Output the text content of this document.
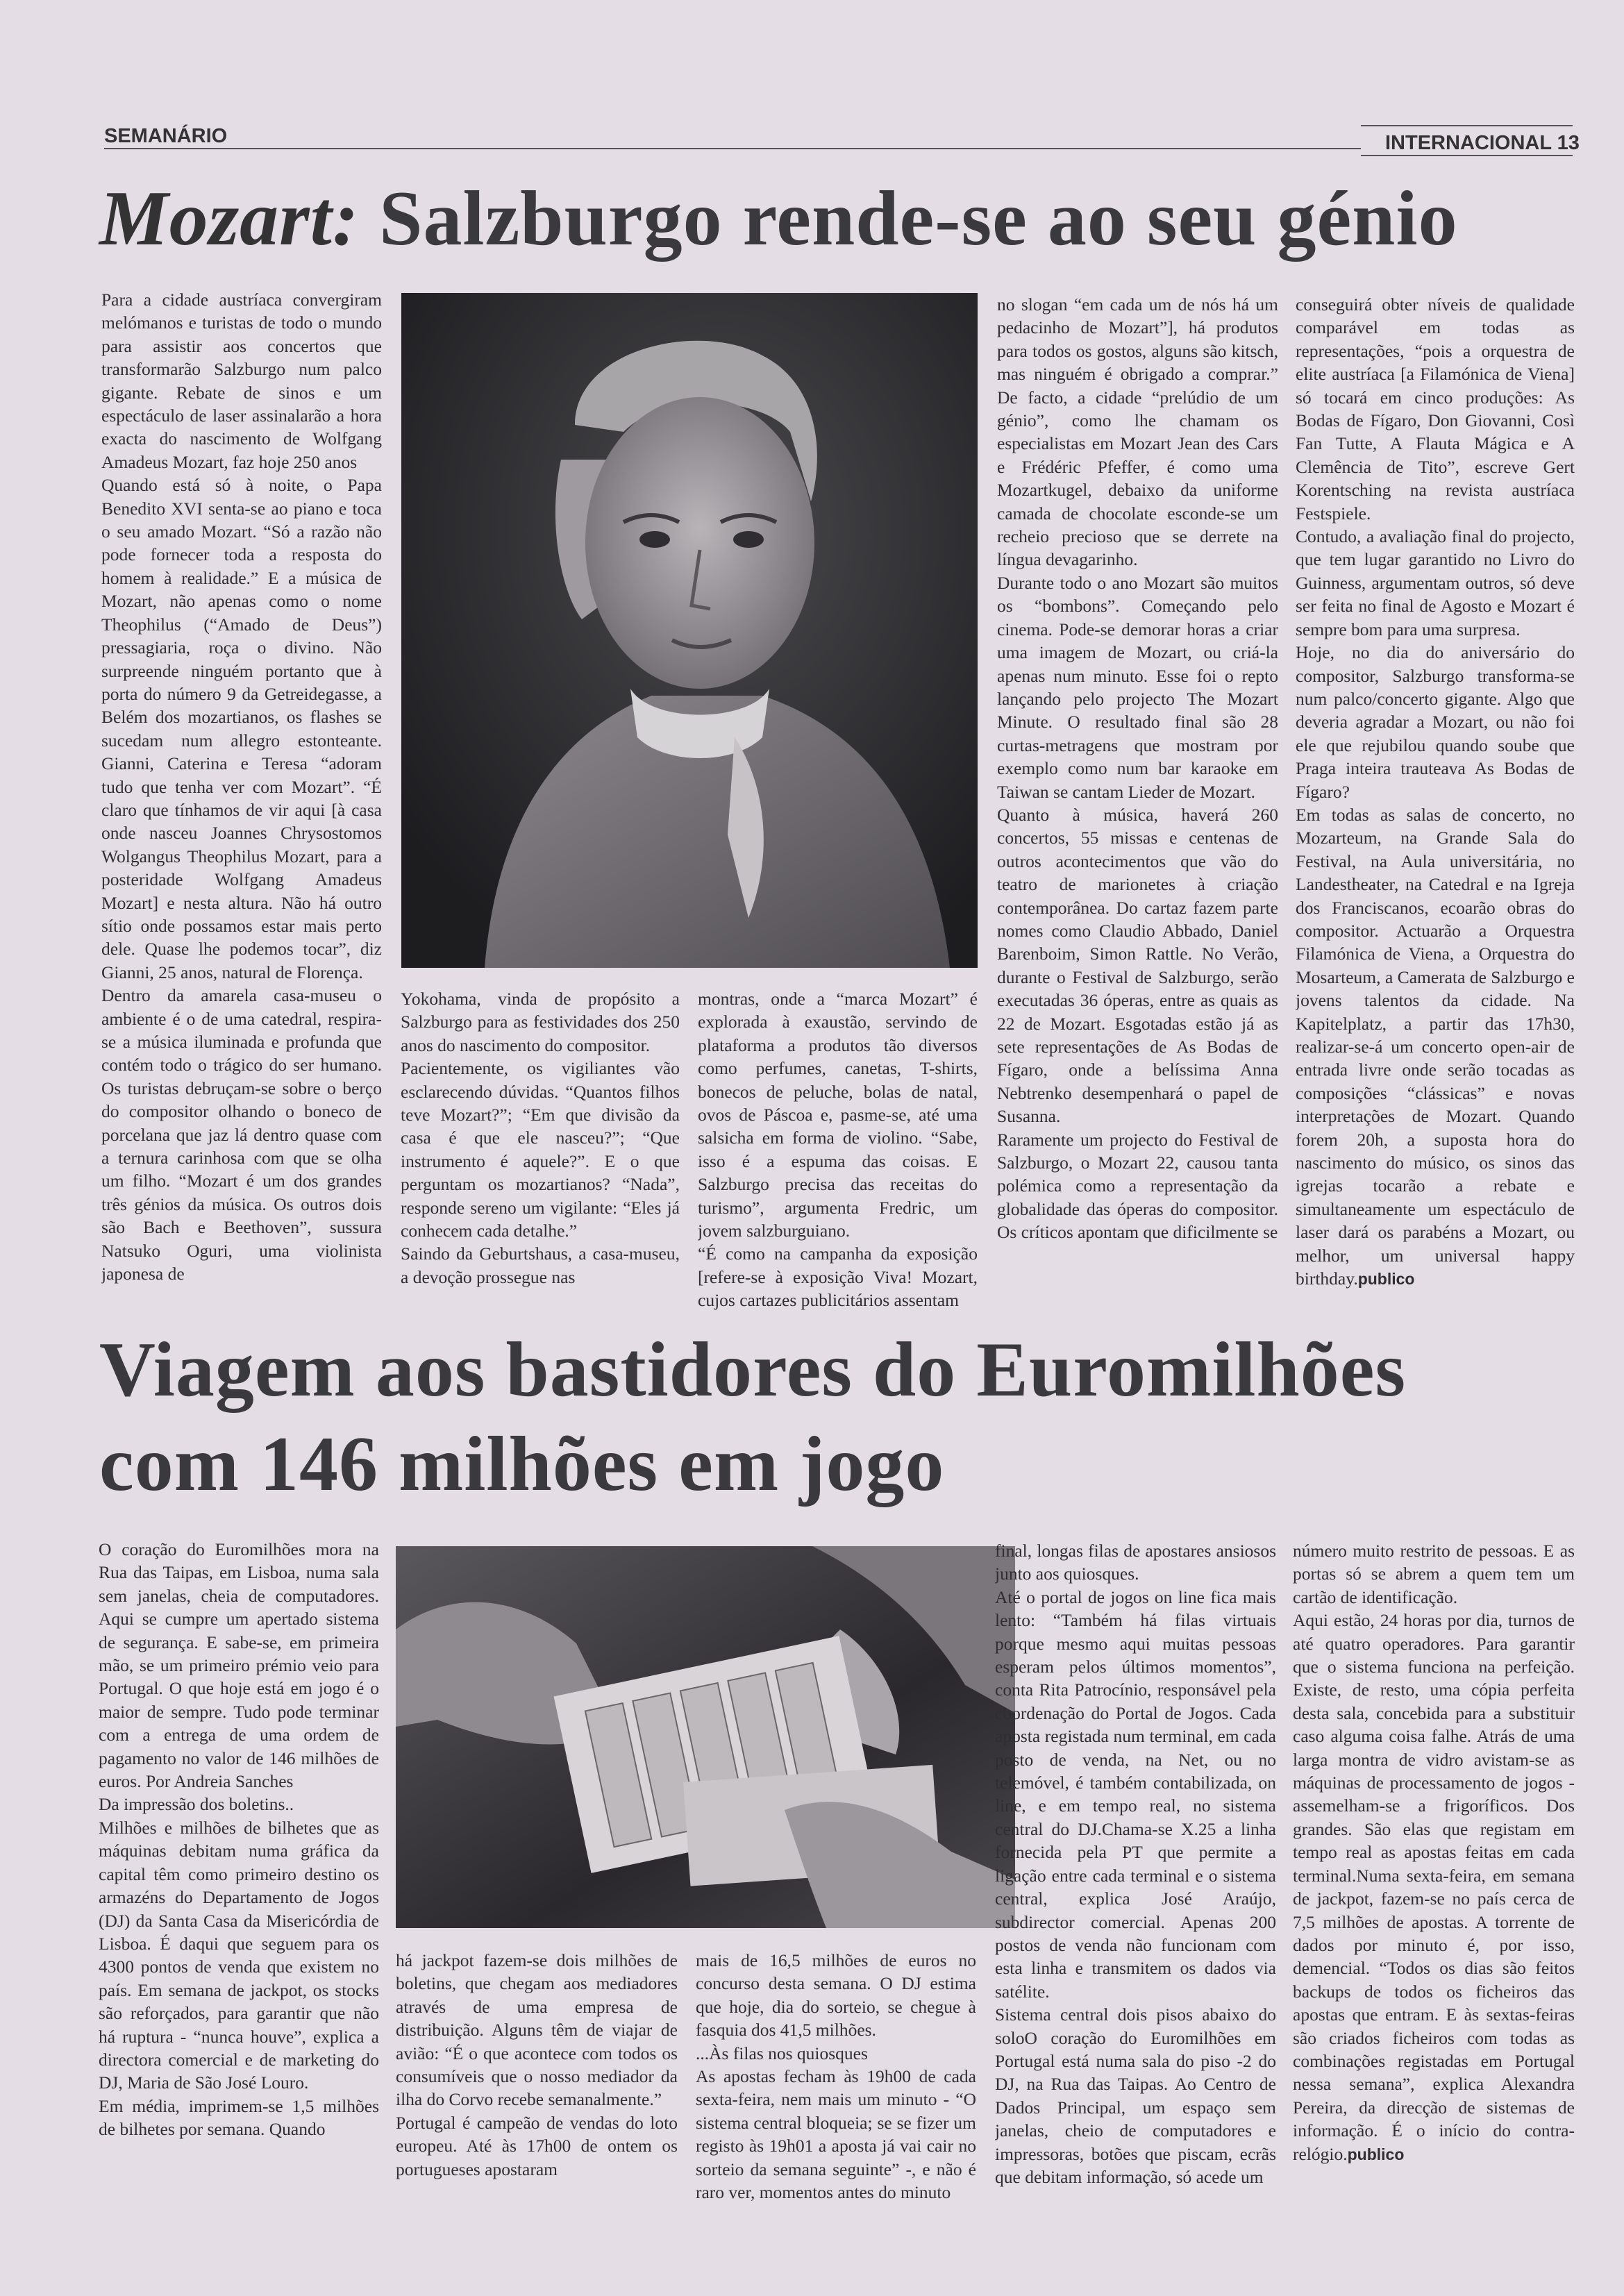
SEMANÁRIO	INTERNACIONAL 13
Mozart: Salzburgo rende-se ao seu génio

Para a cidade austríaca convergiram melómanos e turistas de todo o mundo para assistir aos concertos que transformarão Salzburgo num palco gigante. Rebate de sinos e um espectáculo de laser assinalarão a hora exacta do nascimento de Wolfgang Amadeus Mozart, faz hoje 250 anos

Quando está só à noite, o Papa Benedito XVI senta-se ao piano e toca o seu amado Mozart. “Só a razão não pode fornecer toda a resposta do homem à realidade.” E a música de Mozart, não apenas como o nome Theophilus (“Amado de Deus”) pressagiaria, roça o divino. Não surpreende ninguém portanto que à porta do número 9 da Getreidegasse, a Belém dos mozartianos, os flashes se sucedam num allegro estonteante. Gianni, Caterina e Teresa “adoram tudo que tenha ver com Mozart”. “É claro que tínhamos de vir aqui [à casa onde nasceu Joannes Chrysostomos Wolgangus Theophilus Mozart, para a posteridade Wolfgang Amadeus Mozart] e nesta altura. Não há outro sítio onde possamos estar mais perto dele. Quase lhe podemos tocar”, diz Gianni, 25 anos, natural de Florença.

Dentro da amarela casa-museu o ambiente é o de uma catedral, respira-se a música iluminada e profunda que contém todo o trágico do ser humano. Os turistas debruçam-se sobre o berço do compositor olhando o boneco de porcelana que jaz lá dentro quase com a ternura carinhosa com que se olha um filho. “Mozart é um dos grandes três génios da música. Os outros dois são Bach e Beethoven”, sussura Natsuko Oguri, uma violinista japonesa de

Yokohama, vinda de propósito a Salzburgo para as festividades dos 250 anos do nascimento do compositor.

Pacientemente, os vigiliantes vão esclarecendo dúvidas. “Quantos filhos teve Mozart?”; “Em que divisão da casa é que ele nasceu?”; “Que instrumento é aquele?”. E o que perguntam os mozartianos? “Nada”, responde sereno um vigilante: “Eles já conhecem cada detalhe.”

Saindo da Geburtshaus, a casa-museu, a devoção prossegue nas

montras, onde a “marca Mozart” é explorada à exaustão, servindo de plataforma a produtos tão diversos como perfumes, canetas, T-shirts, bonecos de peluche, bolas de natal, ovos de Páscoa e, pasme-se, até uma salsicha em forma de violino. “Sabe, isso é a espuma das coisas. E Salzburgo precisa das receitas do turismo”, argumenta Fredric, um jovem salzburguiano.

“É como na campanha da exposição [refere-se à exposição Viva! Mozart, cujos cartazes publicitários assentam

no slogan “em cada um de nós há um pedacinho de Mozart”], há produtos para todos os gostos, alguns são kitsch, mas ninguém é obrigado a comprar.” De facto, a cidade “prelúdio de um génio”, como lhe chamam os especialistas em Mozart Jean des Cars e Frédéric Pfeffer, é como uma Mozartkugel, debaixo da uniforme camada de chocolate esconde-se um recheio precioso que se derrete na língua devagarinho.

Durante todo o ano Mozart são muitos os “bombons”. Começando pelo cinema. Pode-se demorar horas a criar uma imagem de Mozart, ou criá-la apenas num minuto. Esse foi o repto lançando pelo projecto The Mozart Minute. O resultado final são 28 curtas-metragens que mostram por exemplo como num bar karaoke em Taiwan se cantam Lieder de Mozart.

Quanto à música, haverá 260 concertos, 55 missas e centenas de outros acontecimentos que vão do teatro de marionetes à criação contemporânea. Do cartaz fazem parte nomes como Claudio Abbado, Daniel Barenboim, Simon Rattle. No Verão, durante o Festival de Salzburgo, serão executadas 36 óperas, entre as quais as 22 de Mozart. Esgotadas estão já as sete representações de As Bodas de Fígaro, onde a belíssima Anna Nebtrenko desempenhará o papel de Susanna.

Raramente um projecto do Festival de Salzburgo, o Mozart 22, causou tanta polémica como a representação da globalidade das óperas do compositor. Os críticos apontam que dificilmente se

conseguirá obter níveis de qualidade comparável em todas as representações, “pois a orquestra de elite austríaca [a Filamónica de Viena] só tocará em cinco produções: As Bodas de Fígaro, Don Giovanni, Così Fan Tutte, A Flauta Mágica e A Clemência de Tito”, escreve Gert Korentsching na revista austríaca Festspiele.

Contudo, a avaliação final do projecto, que tem lugar garantido no Livro do Guinness, argumentam outros, só deve ser feita no final de Agosto e Mozart é sempre bom para uma surpresa.

Hoje, no dia do aniversário do compositor, Salzburgo transforma-se num palco/concerto gigante. Algo que deveria agradar a Mozart, ou não foi ele que rejubilou quando soube que Praga inteira trauteava As Bodas de Fígaro?

Em todas as salas de concerto, no Mozarteum, na Grande Sala do Festival, na Aula universitária, no Landestheater, na Catedral e na Igreja dos Franciscanos, ecoarão obras do compositor. Actuarão a Orquestra Filamónica de Viena, a Orquestra do Mosarteum, a Camerata de Salzburgo e jovens talentos da cidade. Na Kapitelplatz, a partir das 17h30, realizar-se-á um concerto open-air de entrada livre onde serão tocadas as composições “clássicas” e novas interpretações de Mozart. Quando forem 20h, a suposta hora do nascimento do músico, os sinos das igrejas tocarão a rebate e simultaneamente um espectáculo de laser dará os parabéns a Mozart, ou melhor, um universal happy birthday.publico

Viagem aos bastidores do Euromilhões
com 146 milhões em jogo

O coração do Euromilhões mora na Rua das Taipas, em Lisboa, numa sala sem janelas, cheia de computadores. Aqui se cumpre um apertado sistema de segurança. E sabe-se, em primeira mão, se um primeiro prémio veio para Portugal. O que hoje está em jogo é o maior de sempre. Tudo pode terminar com a entrega de uma ordem de pagamento no valor de 146 milhões de euros. Por Andreia Sanches

Da impressão dos boletins..

Milhões e milhões de bilhetes que as máquinas debitam numa gráfica da capital têm como primeiro destino os armazéns do Departamento de Jogos (DJ) da Santa Casa da Misericórdia de Lisboa. É daqui que seguem para os 4300 pontos de venda que existem no país. Em semana de jackpot, os stocks são reforçados, para garantir que não há ruptura - “nunca houve”, explica a directora comercial e de marketing do DJ, Maria de São José Louro.

Em média, imprimem-se 1,5 milhões de bilhetes por semana. Quando

há jackpot fazem-se dois milhões de boletins, que chegam aos mediadores através de uma empresa de distribuição. Alguns têm de viajar de avião: “É o que acontece com todos os consumíveis que o nosso mediador da ilha do Corvo recebe semanalmente.”

Portugal é campeão de vendas do loto europeu. Até às 17h00 de ontem os portugueses apostaram

mais de 16,5 milhões de euros no concurso desta semana. O DJ estima que hoje, dia do sorteio, se chegue à fasquia dos 41,5 milhões.

...Às filas nos quiosques

As apostas fecham às 19h00 de cada sexta-feira, nem mais um minuto - “O sistema central bloqueia; se se fizer um registo às 19h01 a aposta já vai cair no sorteio da semana seguinte” -, e não é raro ver, momentos antes do minuto

final, longas filas de apostares ansiosos junto aos quiosques.

Até o portal de jogos on line fica mais lento: “Também há filas virtuais porque mesmo aqui muitas pessoas esperam pelos últimos momentos”, conta Rita Patrocínio, responsável pela coordenação do Portal de Jogos. Cada aposta registada num terminal, em cada posto de venda, na Net, ou no telemóvel, é também contabilizada, on line, e em tempo real, no sistema central do DJ.Chama-se X.25 a linha fornecida pela PT que permite a ligação entre cada terminal e o sistema central, explica José Araújo, subdirector comercial. Apenas 200 postos de venda não funcionam com esta linha e transmitem os dados via satélite.

Sistema central dois pisos abaixo do soloO coração do Euromilhões em Portugal está numa sala do piso -2 do DJ, na Rua das Taipas. Ao Centro de Dados Principal, um espaço sem janelas, cheio de computadores e impressoras, botões que piscam, ecrãs que debitam informação, só acede um

número muito restrito de pessoas. E as portas só se abrem a quem tem um cartão de identificação.

Aqui estão, 24 horas por dia, turnos de até quatro operadores. Para garantir que o sistema funciona na perfeição. Existe, de resto, uma cópia perfeita desta sala, concebida para a substituir caso alguma coisa falhe. Atrás de uma larga montra de vidro avistam-se as máquinas de processamento de jogos - assemelham-se a frigoríficos. Dos grandes. São elas que registam em tempo real as apostas feitas em cada terminal.Numa sexta-feira, em semana de jackpot, fazem-se no país cerca de 7,5 milhões de apostas. A torrente de dados por minuto é, por isso, demencial. “Todos os dias são feitos backups de todos os ficheiros das apostas que entram. E às sextas-feiras são criados ficheiros com todas as combinações registadas em Portugal nessa semana”, explica Alexandra Pereira, da direcção de sistemas de informação. É o início do contra-relógio.publico
